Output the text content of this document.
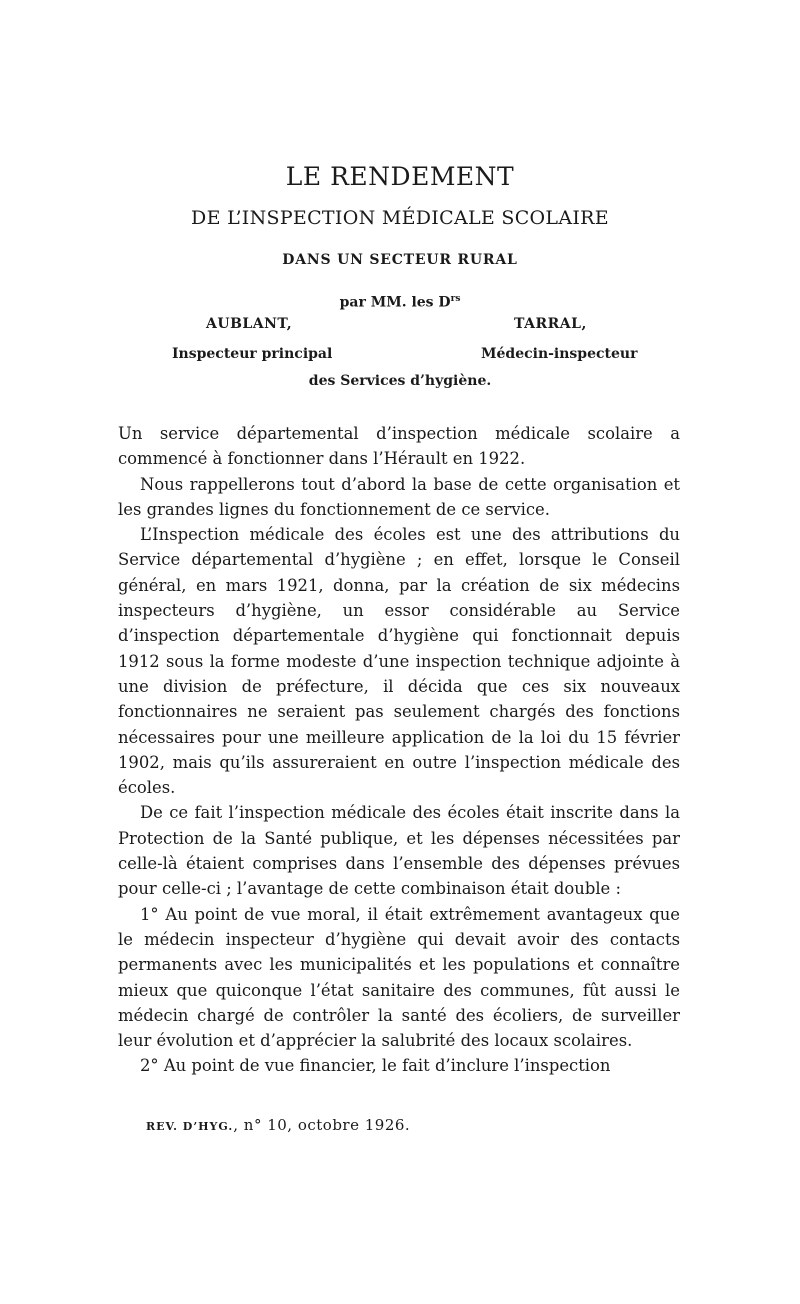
LE RENDEMENT
DE L’INSPECTION MÉDICALE SCOLAIRE
DANS UN SECTEUR RURAL
par MM. les $D^{rs}$
AUBLANT,	TARRAL,
Inspecteur principal	Médecin-inspecteur
des Services d’hygiène.

Un service départemental d’inspection médicale scolaire a commencé à fonctionner dans l’Hérault en 1922.

Nous rappellerons tout d’abord la base de cette organisation et les grandes lignes du fonctionnement de ce service.

L’Inspection médicale des écoles est une des attributions du Service départemental d’hygiène ; en effet, lorsque le Conseil général, en mars 1921, donna, par la création de six médecins inspecteurs d’hygiène, un essor considérable au Service d’inspection départementale d’hygiène qui fonctionnait depuis 1912 sous la forme modeste d’une inspection technique adjointe à une division de préfecture, il décida que ces six nouveaux fonctionnaires ne seraient pas seulement chargés des fonctions nécessaires pour une meilleure application de la loi du 15 février 1902, mais qu’ils assureraient en outre l’inspection médicale des écoles.

De ce fait l’inspection médicale des écoles était inscrite dans la Protection de la Santé publique, et les dépenses nécessitées par celle-là étaient comprises dans l’ensemble des dépenses prévues pour celle-ci ; l’avantage de cette combinaison était double :

1° Au point de vue moral, il était extrêmement avantageux que le médecin inspecteur d’hygiène qui devait avoir des contacts permanents avec les municipalités et les populations et connaître mieux que quiconque l’état sanitaire des communes, fût aussi le médecin chargé de contrôler la santé des écoliers, de surveiller leur évolution et d’apprécier la salubrité des locaux scolaires.

2° Au point de vue financier, le fait d’inclure l’inspection

REV. D’HYG., n° 10, octobre 1926.
